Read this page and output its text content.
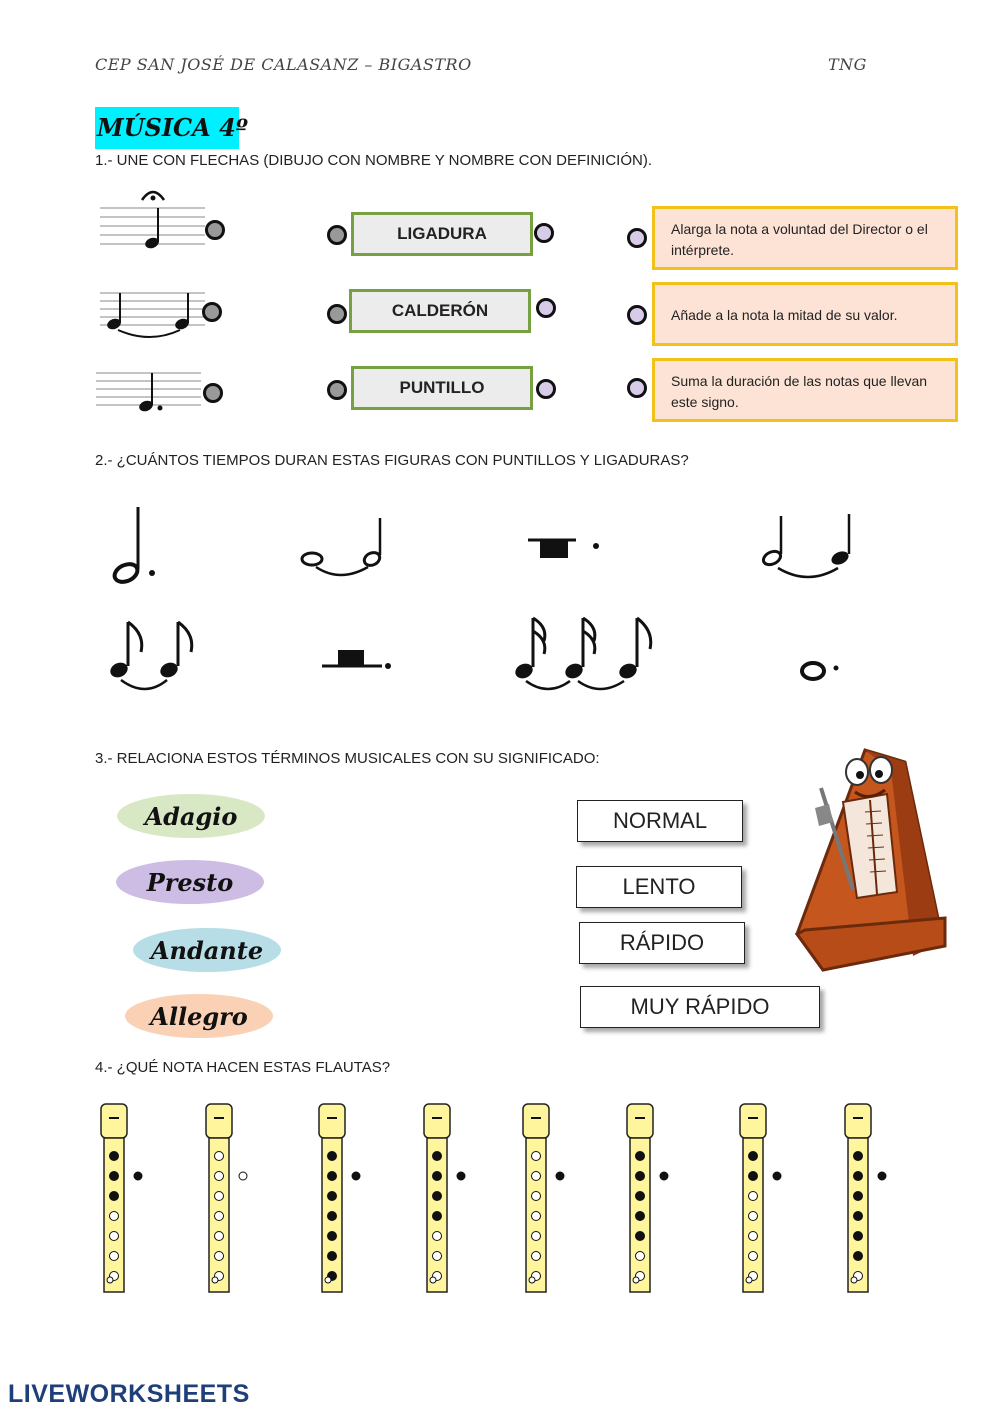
CEP SAN JOSÉ DE CALASANZ – BIGASTRO	TNG
MÚSICA 4º
1.- UNE CON FLECHAS (DIBUJO CON NOMBRE Y NOMBRE CON DEFINICIÓN).
LIGADURA
CALDERÓN
PUNTILLO
Alarga la nota a voluntad del Director o el intérprete.
Añade a la nota la mitad de su valor.
Suma la duración de las notas que llevan este signo.
2.- ¿CUÁNTOS TIEMPOS DURAN ESTAS FIGURAS CON PUNTILLOS Y LIGADURAS?
3.- RELACIONA ESTOS TÉRMINOS MUSICALES CON SU SIGNIFICADO:
Adagio
Presto
Andante
Allegro
NORMAL
LENTO
RÁPIDO
MUY RÁPIDO
4.- ¿QUÉ NOTA HACEN ESTAS FLAUTAS?
LIVEWORKSHEETS
